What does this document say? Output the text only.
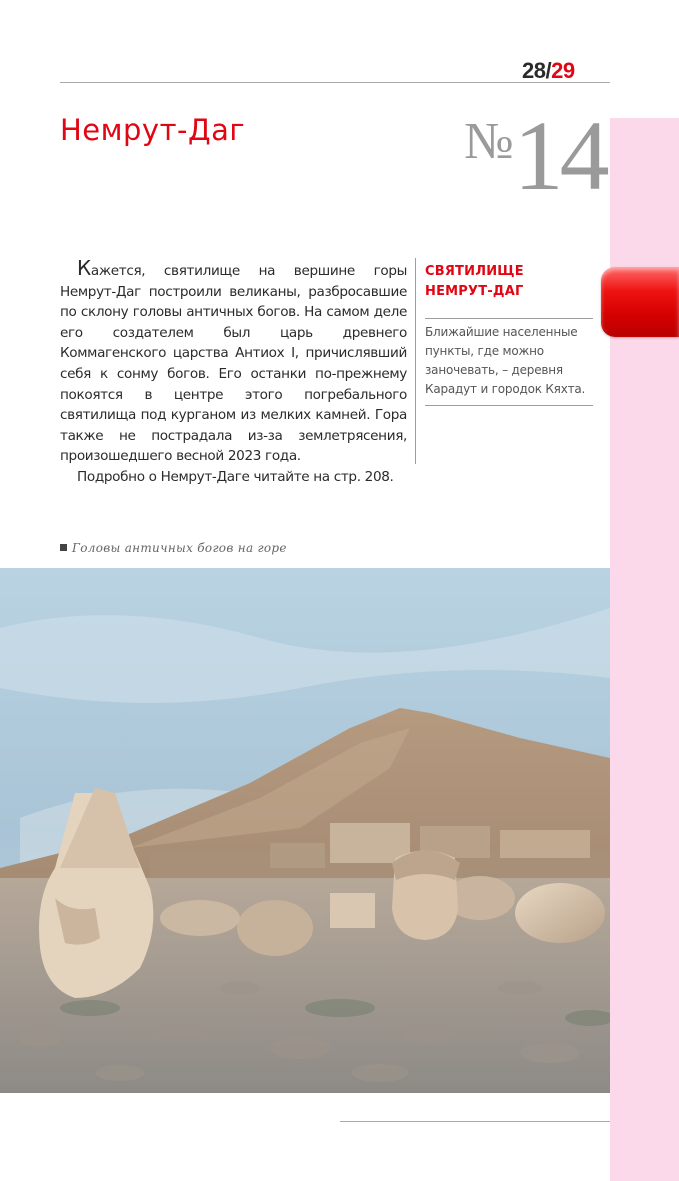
28/29
Немрут-Даг	№14

Кажется, святилище на вершине горы Немрут-Даг построили великаны, разбросавшие по склону головы античных богов. На самом деле его создателем был царь древнего Коммагенского царства Антиох I, причислявший себя к сонму богов. Его останки по-прежнему покоятся в центре этого погребального святилища под курганом из мелких камней. Гора также не пострадала из-за землетрясения, произошедшего весной 2023 года.

Подробно о Немрут-Даге читайте на стр. 208.

СВЯТИЛИЩЕ
НЕМРУТ-ДАГ
Ближайшие населенные пункты, где можно заночевать, – деревня Карадут и городок Кяхта.
Головы античных богов на горе
